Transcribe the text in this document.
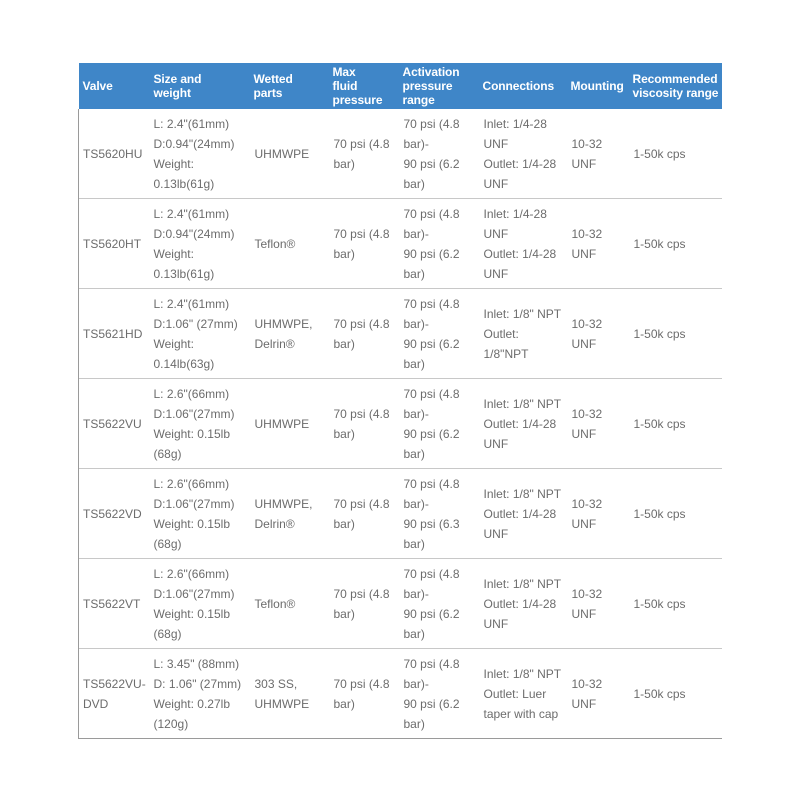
Valve	Size and
weight	Wetted
parts	Max
fluid
pressure	Activation
pressure
range	Connections	Mounting	Recommended
viscosity range

TS5620HU	L: 2.4"(61mm)
D:0.94"(24mm)
Weight:
0.13lb(61g)	UHMWPE	70 psi (4.8
bar)	70 psi (4.8
bar)-
90 psi (6.2
bar)	Inlet: 1/4-28
UNF
Outlet: 1/4-28
UNF	10-32
UNF	1-50k cps

TS5620HT	L: 2.4"(61mm)
D:0.94"(24mm)
Weight:
0.13lb(61g)	Teflon®	70 psi (4.8
bar)	70 psi (4.8
bar)-
90 psi (6.2
bar)	Inlet: 1/4-28
UNF
Outlet: 1/4-28
UNF	10-32
UNF	1-50k cps

TS5621HD	L: 2.4"(61mm)
D:1.06" (27mm)
Weight:
0.14lb(63g)	UHMWPE,
Delrin®	70 psi (4.8
bar)	70 psi (4.8
bar)-
90 psi (6.2
bar)	Inlet: 1/8" NPT
Outlet:
1/8"NPT	10-32
UNF	1-50k cps

TS5622VU	L: 2.6"(66mm)
D:1.06"(27mm)
Weight: 0.15lb
(68g)	UHMWPE	70 psi (4.8
bar)	70 psi (4.8
bar)-
90 psi (6.2
bar)	Inlet: 1/8" NPT
Outlet: 1/4-28
UNF	10-32
UNF	1-50k cps

TS5622VD	L: 2.6"(66mm)
D:1.06"(27mm)
Weight: 0.15lb
(68g)	UHMWPE,
Delrin®	70 psi (4.8
bar)	70 psi (4.8
bar)-
90 psi (6.3
bar)	Inlet: 1/8" NPT
Outlet: 1/4-28
UNF	10-32
UNF	1-50k cps

TS5622VT	L: 2.6"(66mm)
D:1.06"(27mm)
Weight: 0.15lb
(68g)	Teflon®	70 psi (4.8
bar)	70 psi (4.8
bar)-
90 psi (6.2
bar)	Inlet: 1/8" NPT
Outlet: 1/4-28
UNF	10-32
UNF	1-50k cps

TS5622VU-
DVD	L: 3.45" (88mm)
D: 1.06" (27mm)
Weight: 0.27lb
(120g)	303 SS,
UHMWPE	70 psi (4.8
bar)	70 psi (4.8
bar)-
90 psi (6.2
bar)	Inlet: 1/8" NPT
Outlet: Luer
taper with cap	10-32
UNF	1-50k cps
